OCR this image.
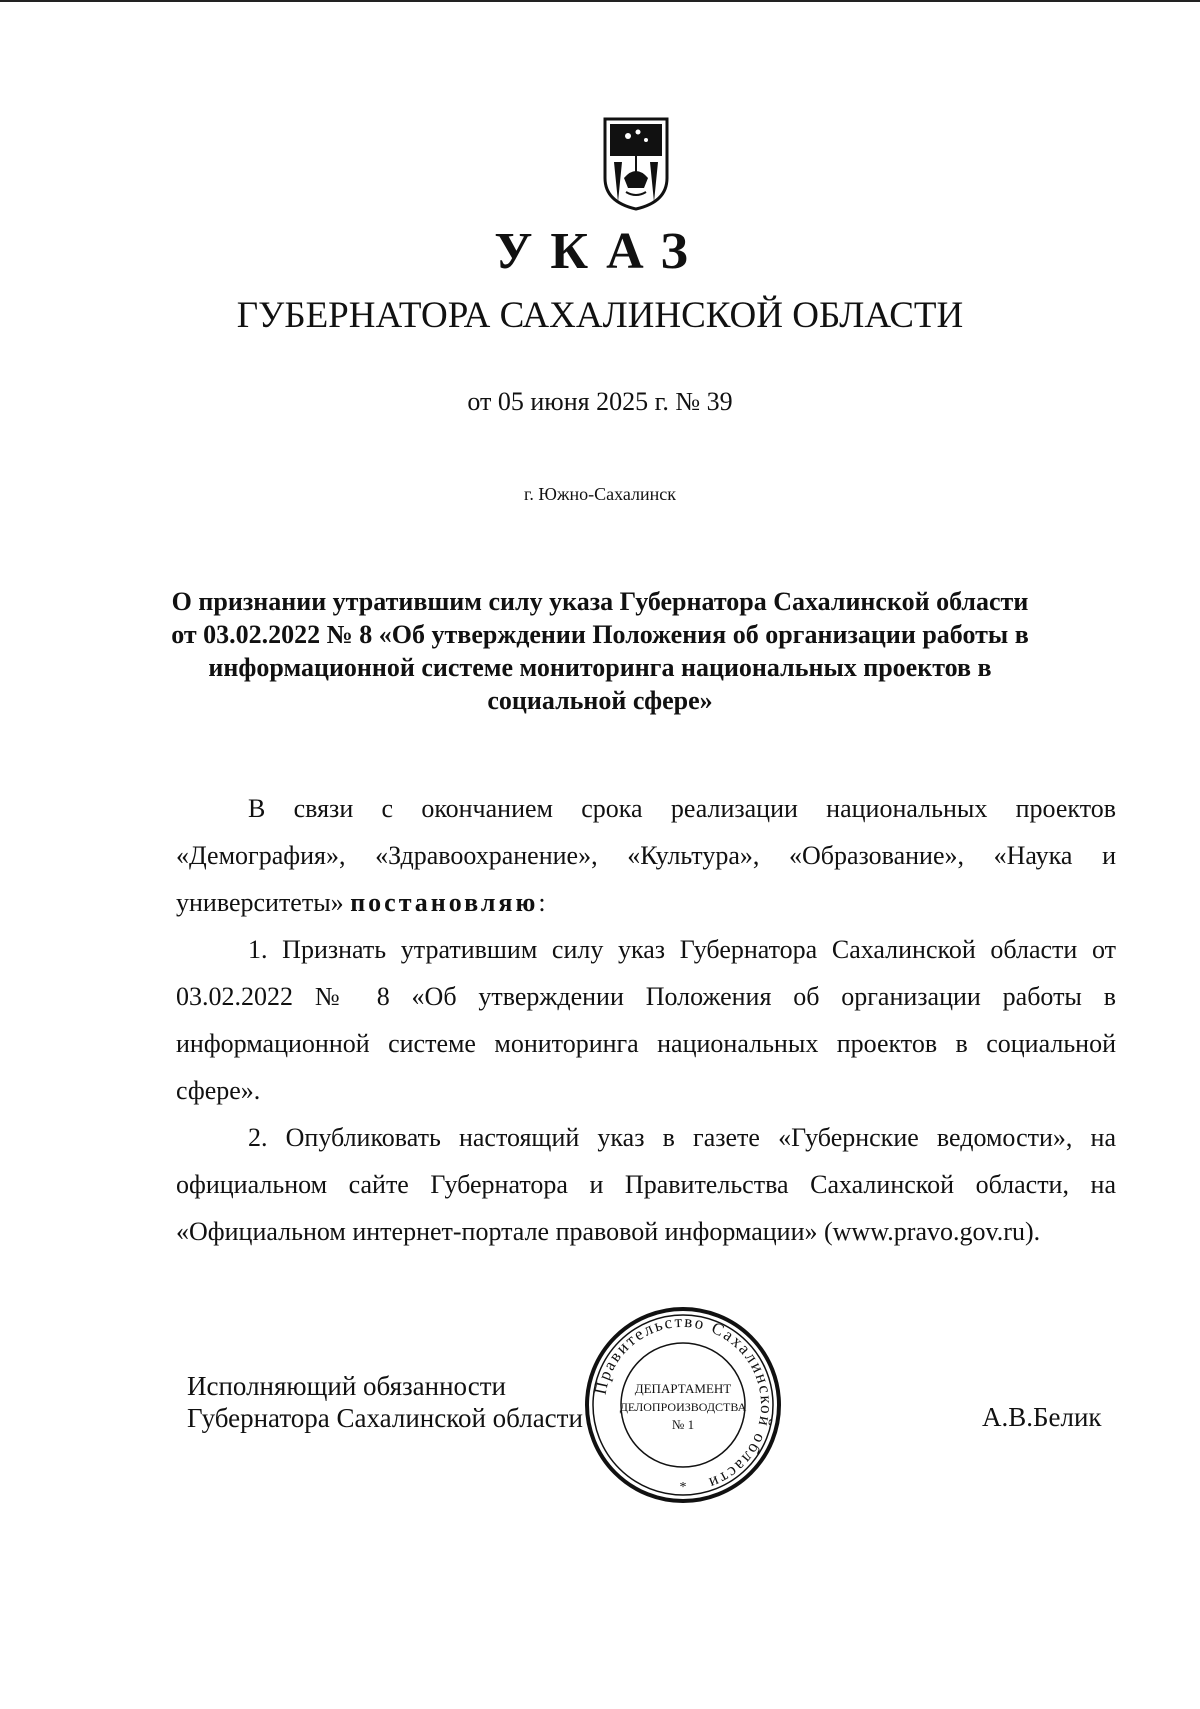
УКАЗ
ГУБЕРНАТОРА САХАЛИНСКОЙ ОБЛАСТИ
от 05 июня 2025 г. № 39
г. Южно-Сахалинск
О признании утратившим силу указа Губернатора Сахалинской области от 03.02.2022 № 8 «Об утверждении Положения об организации работы в информационной системе мониторинга национальных проектов в социальной сфере»

В связи с окончанием срока реализации национальных проектов «Демография», «Здравоохранение», «Культура», «Образование», «Наука и университеты» постановляю:

1. Признать утратившим силу указ Губернатора Сахалинской области от 03.02.2022 № 8 «Об утверждении Положения об организации работы в информационной системе мониторинга национальных проектов в социальной сфере».

2. Опубликовать настоящий указ в газете «Губернские ведомости», на официальном сайте Губернатора и Правительства Сахалинской области, на «Официальном интернет-портале правовой информации» (www.pravo.gov.ru).

Исполняющий обязанности
Губернатора Сахалинской области	А.В.Белик
Правительство Сахалинской области
ДЕПАРТАМЕНТ
ДЕЛОПРОИЗВОДСТВА
№ 1
*
